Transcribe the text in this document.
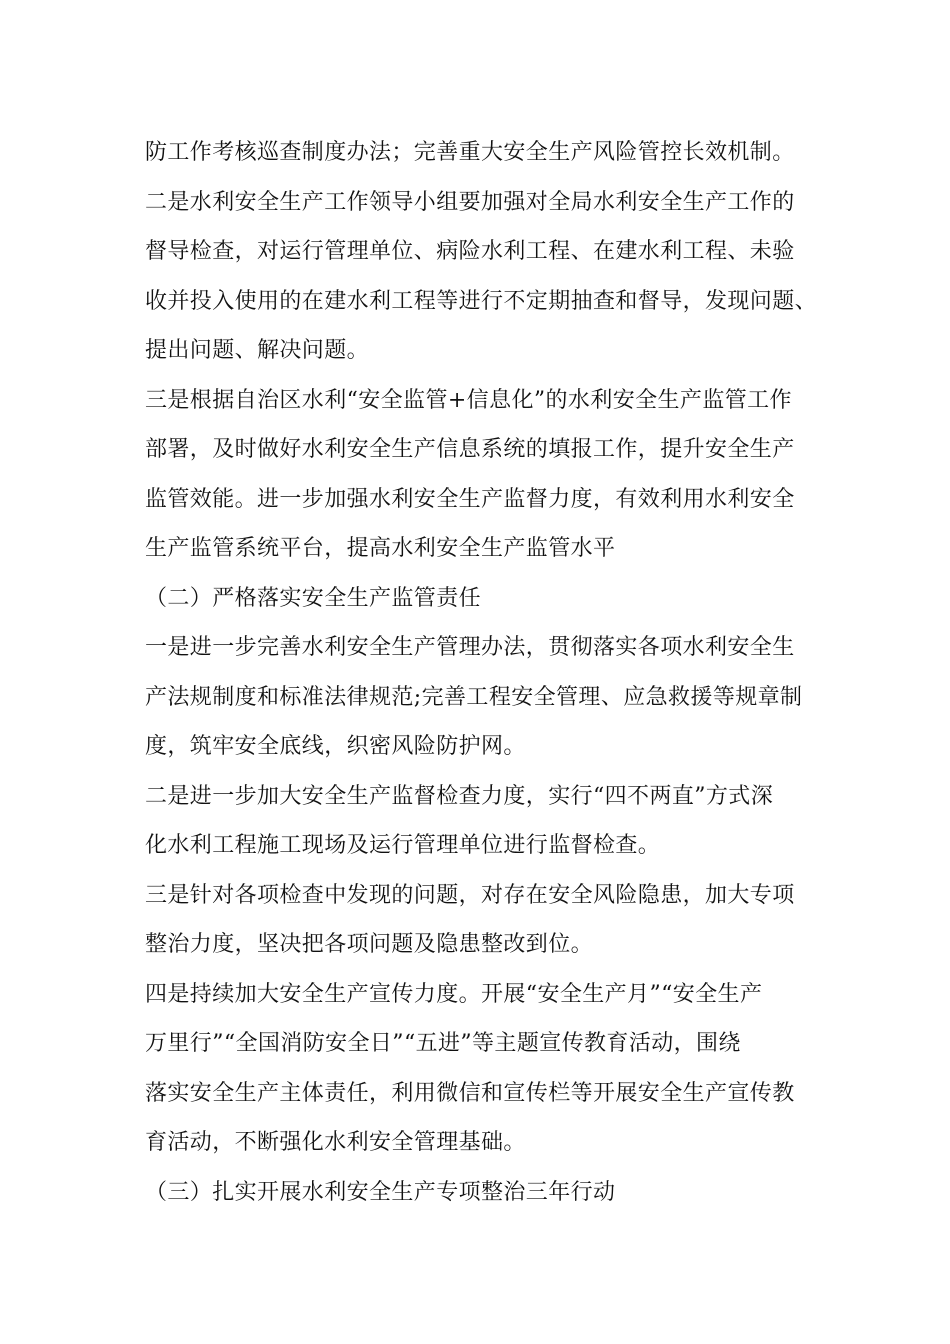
防工作考核巡查制度办法；完善重大安全生产风险管控长效机制。
二是水利安全生产工作领导小组要加强对全局水利安全生产工作的
督导检查，对运行管理单位、病险水利工程、在建水利工程、未验
收并投入使用的在建水利工程等进行不定期抽查和督导，发现问题、
提出问题、解决问题。
三是根据自治区水利“安全监管+信息化”的水利安全生产监管工作
部署，及时做好水利安全生产信息系统的填报工作，提升安全生产
监管效能。进一步加强水利安全生产监督力度，有效利用水利安全
生产监管系统平台，提高水利安全生产监管水平
（二）严格落实安全生产监管责任
一是进一步完善水利安全生产管理办法，贯彻落实各项水利安全生
产法规制度和标准法律规范;完善工程安全管理、应急救援等规章制
度，筑牢安全底线，织密风险防护网。
二是进一步加大安全生产监督检查力度，实行“四不两直”方式深
化水利工程施工现场及运行管理单位进行监督检查。
三是针对各项检查中发现的问题，对存在安全风险隐患，加大专项
整治力度，坚决把各项问题及隐患整改到位。
四是持续加大安全生产宣传力度。开展“安全生产月”“安全生产
万里行”“全国消防安全日”“五进”等主题宣传教育活动，围绕
落实安全生产主体责任，利用微信和宣传栏等开展安全生产宣传教
育活动，不断强化水利安全管理基础。
（三）扎实开展水利安全生产专项整治三年行动
